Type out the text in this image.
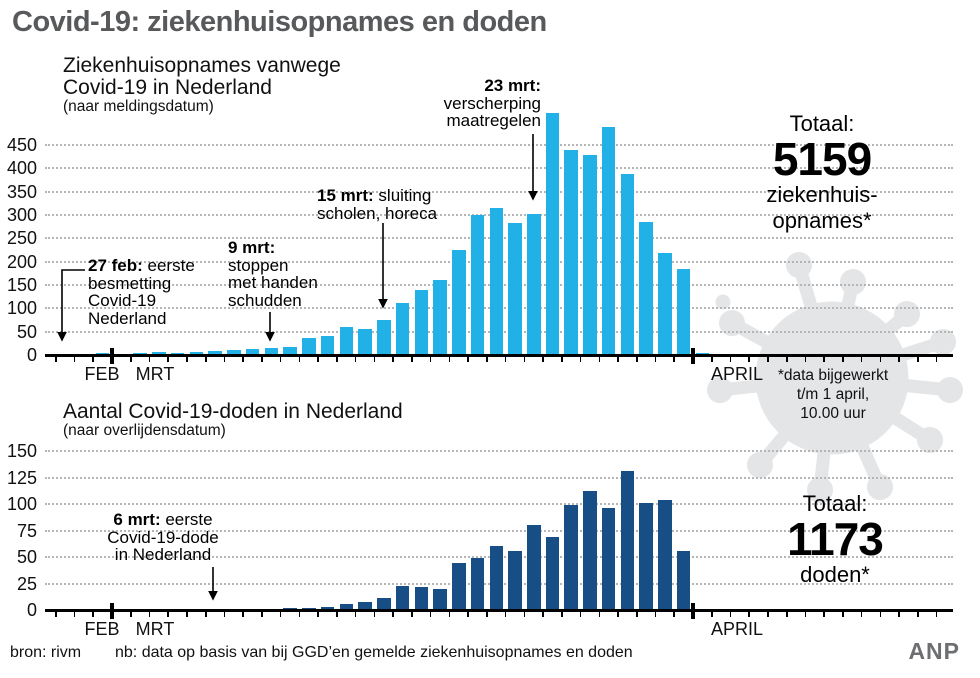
Covid-19: ziekenhuisopnames en doden
Ziekenhuisopnames vanwege
Covid-19 in Nederland
(naar meldingsdatum)
Aantal Covid-19-doden in Nederland
(naar overlijdensdatum)
0
50
100
150
200
250
300
350
400
450
FEB MRT	APRIL
0
25
50
75
100
125
150
FEB MRT	APRIL
27 feb: eerste
besmetting
Covid-19
Nederland
9 mrt:
stoppen
met handen
schudden
15 mrt: sluiting
scholen, horeca
23 mrt:
verscherping
maatregelen
6 mrt: eerste
Covid-19-dode
in Nederland
Totaal:
5159
ziekenhuis-
opnames*
Totaal:
1173
doden*
*data bijgewerkt
t/m 1 april,
10.00 uur
bron: rivm nb: data op basis van bij GGD’en gemelde ziekenhuisopnames en doden	ANP
